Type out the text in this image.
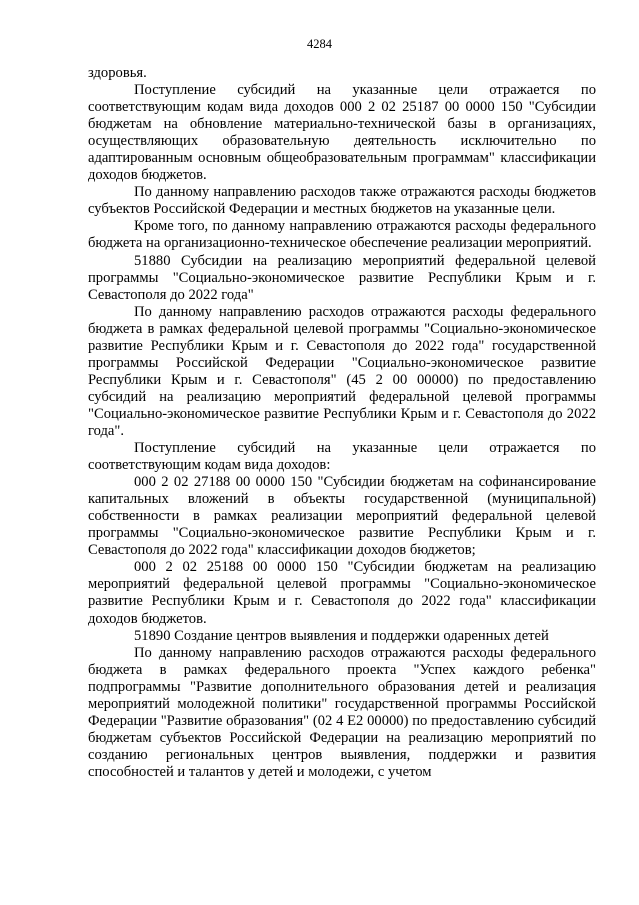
4284

здоровья.

Поступление субсидий на указанные цели отражается по соответствующим кодам вида доходов 000 2 02 25187 00 0000 150 "Субсидии бюджетам на обновление материально-технической базы в организациях, осуществляющих образовательную деятельность исключительно по адаптированным основным общеобразовательным программам" классификации доходов бюджетов.

По данному направлению расходов также отражаются расходы бюджетов субъектов Российской Федерации и местных бюджетов на указанные цели.

Кроме того, по данному направлению отражаются расходы федерального бюджета на организационно-техническое обеспечение реализации мероприятий.

51880 Субсидии на реализацию мероприятий федеральной целевой программы "Социально-экономическое развитие Республики Крым и г. Севастополя до 2022 года"

По данному направлению расходов отражаются расходы федерального бюджета в рамках федеральной целевой программы "Социально-экономическое развитие Республики Крым и г. Севастополя до 2022 года" государственной программы Российской Федерации "Социально-экономическое развитие Республики Крым и г. Севастополя" (45 2 00 00000) по предоставлению субсидий на реализацию мероприятий федеральной целевой программы "Социально-экономическое развитие Республики Крым и г. Севастополя до 2022 года".

Поступление субсидий на указанные цели отражается по соответствующим кодам вида доходов:

000 2 02 27188 00 0000 150 "Субсидии бюджетам на софинансирование капитальных вложений в объекты государственной (муниципальной) собственности в рамках реализации мероприятий федеральной целевой программы "Социально-экономическое развитие Республики Крым и г. Севастополя до 2022 года" классификации доходов бюджетов;

000 2 02 25188 00 0000 150 "Субсидии бюджетам на реализацию мероприятий федеральной целевой программы "Социально-экономическое развитие Республики Крым и г. Севастополя до 2022 года" классификации доходов бюджетов.

51890 Создание центров выявления и поддержки одаренных детей

По данному направлению расходов отражаются расходы федерального бюджета в рамках федерального проекта "Успех каждого ребенка" подпрограммы "Развитие дополнительного образования детей и реализация мероприятий молодежной политики" государственной программы Российской Федерации "Развитие образования" (02 4 Е2 00000) по предоставлению субсидий бюджетам субъектов Российской Федерации на реализацию мероприятий по созданию региональных центров выявления, поддержки и развития способностей и талантов у детей и молодежи, с учетом
